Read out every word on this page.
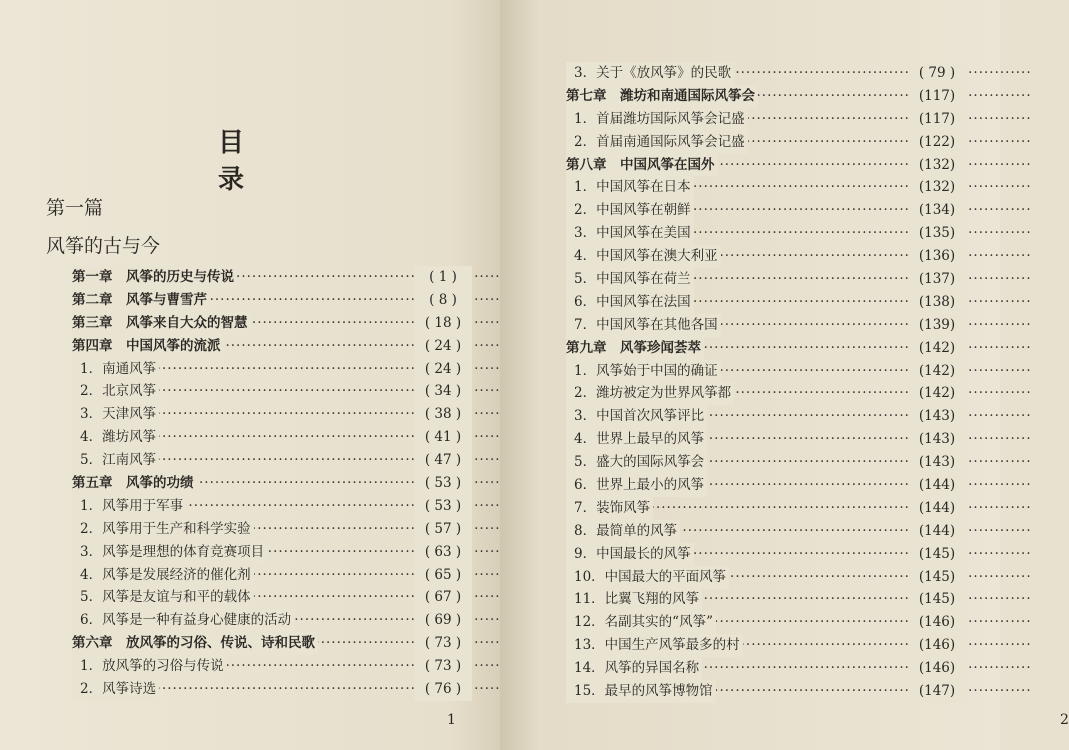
目录
第一篇
风筝的古与今
·····
第一章　风筝的历史与传说	( 1 )
·····
第二章　风筝与曹雪芹	( 8 )
·····
第三章　风筝来自大众的智慧	( 18 )
·····
第四章　中国风筝的流派	( 24 )
·····
1．南通风筝	( 24 )
·····
2．北京风筝	( 34 )
·····
3．天津风筝	( 38 )
·····
4．潍坊风筝	( 41 )
·····
5．江南风筝	( 47 )
·····
第五章　风筝的功绩	( 53 )
·····
1．风筝用于军事	( 53 )
·····
2．风筝用于生产和科学实验	( 57 )
·····
3．风筝是理想的体育竞赛项目	( 63 )
·····
4．风筝是发展经济的催化剂	( 65 )
·····
5．风筝是友谊与和平的载体	( 67 )
·····
6．风筝是一种有益身心健康的活动	( 69 )
·····
第六章　放风筝的习俗、传说、诗和民歌	( 73 )
·····
1．放风筝的习俗与传说	( 73 )
·····
2．风筝诗选	( 76 )
1
·····
3．关于《放风筝》的民歌	( 79 )
·····
第七章　潍坊和南通国际风筝会	(117)
·····
1．首届潍坊国际风筝会记盛	(117)
·····
2．首届南通国际风筝会记盛	(122)
·····
第八章　中国风筝在国外	(132)
·····
1．中国风筝在日本	(132)
·····
2．中国风筝在朝鲜	(134)
·····
3．中国风筝在美国	(135)
·····
4．中国风筝在澳大利亚	(136)
·····
5．中国风筝在荷兰	(137)
·····
6．中国风筝在法国	(138)
·····
7．中国风筝在其他各国	(139)
·····
第九章　风筝珍闻荟萃	(142)
·····
1．风筝始于中国的确证	(142)
·····
2．潍坊被定为世界风筝都	(142)
·····
3．中国首次风筝评比	(143)
·····
4．世界上最早的风筝	(143)
·····
5．盛大的国际风筝会	(143)
·····
6．世界上最小的风筝	(144)
·····
7．装饰风筝	(144)
·····
8．最简单的风筝	(144)
·····
9．中国最长的风筝	(145)
·····
10．中国最大的平面风筝	(145)
·····
11．比翼飞翔的风筝	(145)
·····
12．名副其实的“风筝”	(146)
·····
13．中国生产风筝最多的村	(146)
·····
14．风筝的异国名称	(146)
·····
15．最早的风筝博物馆	(147)
2
